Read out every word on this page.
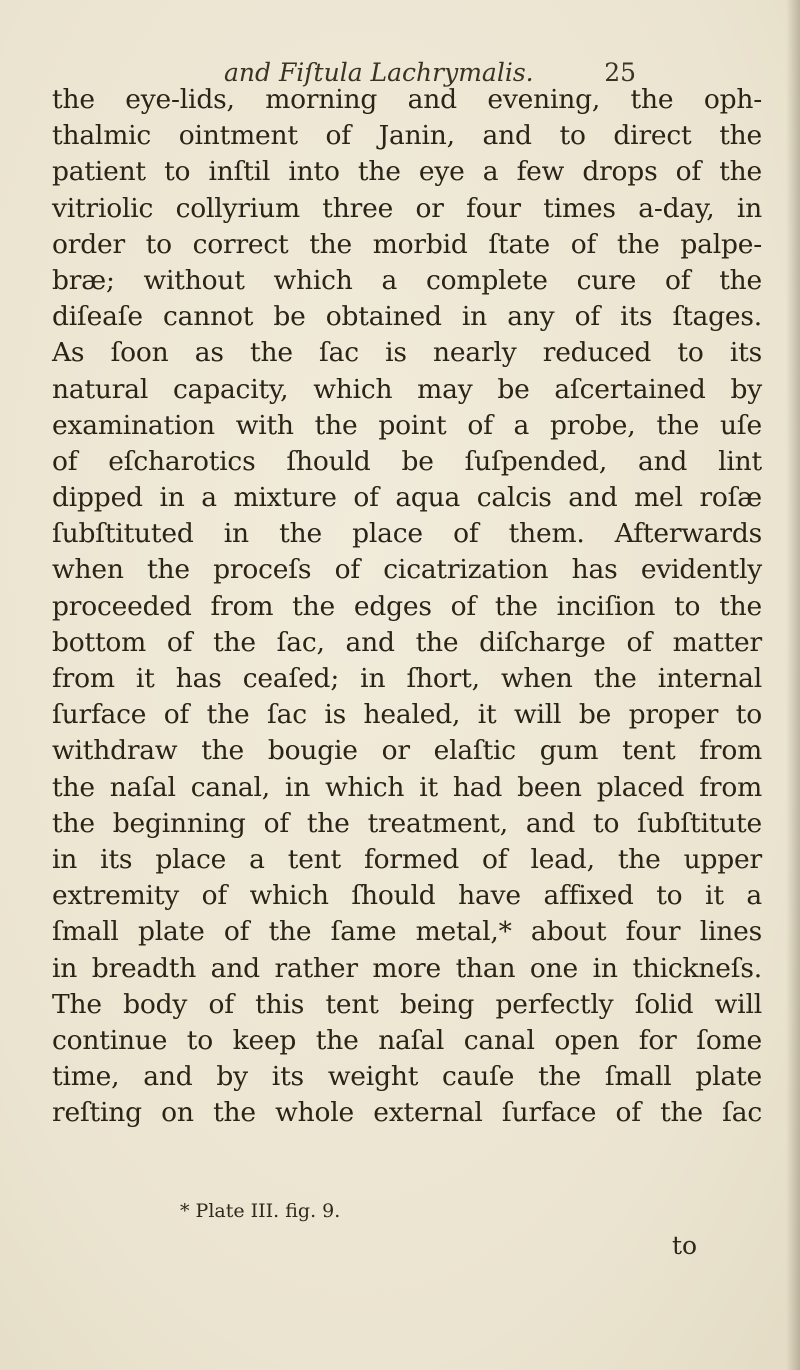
and Fiſtula Lachrymalis.	25
the eye-lids, morning and evening, the oph-
thalmic ointment of Janin, and to direct the
patient to inſtil into the eye a few drops of the
vitriolic collyrium three or four times a-day, in
order to correct the morbid ſtate of the palpe-
bræ; without which a complete cure of the
diſeaſe cannot be obtained in any of its ſtages.
As ſoon as the ſac is nearly reduced to its
natural capacity, which may be aſcertained by
examination with the point of a probe, the uſe
of eſcharotics ſhould be ſuſpended, and lint
dipped in a mixture of aqua calcis and mel roſæ
ſubſtituted in the place of them. Afterwards
when the proceſs of cicatrization has evidently
proceeded from the edges of the inciſion to the
bottom of the ſac, and the diſcharge of matter
from it has ceaſed; in ſhort, when the internal
ſurface of the ſac is healed, it will be proper to
withdraw the bougie or elaſtic gum tent from
the naſal canal, in which it had been placed from
the beginning of the treatment, and to ſubſtitute
in its place a tent formed of lead, the upper
extremity of which ſhould have affixed to it a
ſmall plate of the ſame metal,* about four lines
in breadth and rather more than one in thickneſs.
The body of this tent being perfectly ſolid will
continue to keep the naſal canal open for ſome
time, and by its weight cauſe the ſmall plate
reſting on the whole external ſurface of the ſac
* Plate III. fig. 9.
to
